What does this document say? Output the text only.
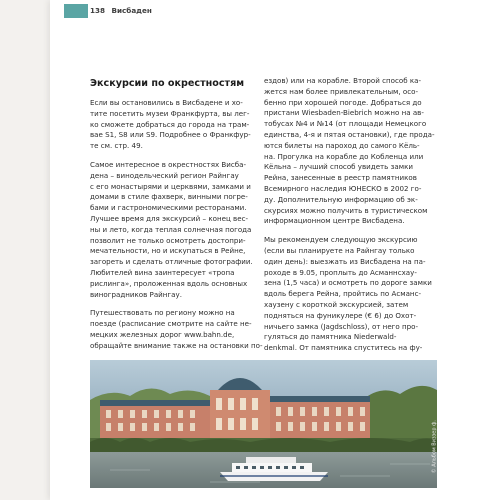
138 Висбаден
Экскурсии по окрестностям

Если вы остановились в Висбадене и хо-
тите посетить музеи Франкфурта, вы лег-
ко сможете добраться до города на трам-
вае S1, S8 или S9. Подробнее о Франкфур-
те см. стр. 49.

Самое интересное в окрестностях Висба-
дена – винодельческий регион Райнгау
с его монастырями и церквями, замками и
домами в стиле фахверк, винными погре-
бами и гастрономическими ресторанами.
Лучшее время для экскурсий – конец вес-
ны и лето, когда теплая солнечная погода
позволит не только осмотреть достопри-
мечательности, но и искупаться в Рейне,
загореть и сделать отличные фотографии.
Любителей вина заинтересует «тропа
рислинга», проложенная вдоль основных
виноградников Райнгау.

Путешествовать по региону можно на
поезде (расписание смотрите на сайте не-
мецких железных дорог www.bahn.de,
обращайте внимание также на остановки по-

ездов) или на корабле. Второй способ ка-
жется нам более привлекательным, осо-
бенно при хорошей погоде. Добраться до
пристани Wiesbaden-Biebrich можно на ав-
тобусах №4 и №14 (от площади Немецкого
единства, 4-я и пятая остановки), где прода-
ются билеты на пароход до самого Кёль-
на. Прогулка на корабле до Кобленца или
Кёльна – лучший способ увидеть замки
Рейна, занесенные в реестр памятников
Всемирного наследия ЮНЕСКО в 2002 го-
ду. Дополнительную информацию об эк-
скурсиях можно получить в туристическом
информационном центре Висбадена.

Мы рекомендуем следующую экскурсию
(если вы планируете на Райнгау только
один день): выезжать из Висбадена на па-
роходе в 9.05, проплыть до Асманнсхау-
зена (1,5 часа) и осмотреть по дороге замки
вдоль берега Рейна, пройтись по Асманс-
хаузену с короткой экскурсией, затем
подняться на фуникулере (€ 6) до Охот-
ничьего замка (Jagdschloss), от него про-
гуляться до памятника Niederwald-
denkmal. От памятника спуститесь на фу-

© Альбом Виззер ф.
